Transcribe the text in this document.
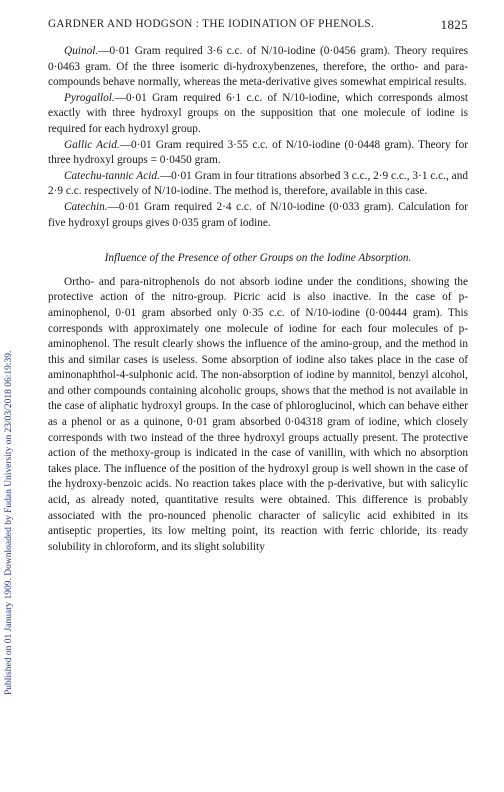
GARDNER AND HODGSON : THE IODINATION OF PHENOLS.	1825
Published on 01 January 1909. Downloaded by Fudan University on 23/03/2018 06:19:39.

Quinol.—0·01 Gram required 3·6 c.c. of N/10-iodine (0·0456 gram). Theory requires 0·0463 gram. Of the three isomeric di-hydroxybenzenes, therefore, the ortho- and para-compounds behave normally, whereas the meta-derivative gives somewhat empirical results.

Pyrogallol.—0·01 Gram required 6·1 c.c. of N/10-iodine, which corresponds almost exactly with three hydroxyl groups on the supposition that one molecule of iodine is required for each hydroxyl group.

Gallic Acid.—0·01 Gram required 3·55 c.c. of N/10-iodine (0·0448 gram). Theory for three hydroxyl groups = 0·0450 gram.

Catechu-tannic Acid.—0·01 Gram in four titrations absorbed 3 c.c., 2·9 c.c., 3·1 c.c., and 2·9 c.c. respectively of N/10-iodine. The method is, therefore, available in this case.

Catechin.—0·01 Gram required 2·4 c.c. of N/10-iodine (0·033 gram). Calculation for five hydroxyl groups gives 0·035 gram of iodine.

Influence of the Presence of other Groups on the Iodine Absorption.

Ortho- and para-nitrophenols do not absorb iodine under the conditions, showing the protective action of the nitro-group. Picric acid is also inactive. In the case of p-aminophenol, 0·01 gram absorbed only 0·35 c.c. of N/10-iodine (0·00444 gram). This corresponds with approximately one molecule of iodine for each four molecules of p-aminophenol. The result clearly shows the influence of the amino-group, and the method in this and similar cases is useless. Some absorption of iodine also takes place in the case of aminonaphthol-4-sulphonic acid. The non-absorption of iodine by mannitol, benzyl alcohol, and other compounds containing alcoholic groups, shows that the method is not available in the case of aliphatic hydroxyl groups. In the case of phloroglucinol, which can behave either as a phenol or as a quinone, 0·01 gram absorbed 0·04318 gram of iodine, which closely corresponds with two instead of the three hydroxyl groups actually present. The protective action of the methoxy-group is indicated in the case of vanillin, with which no absorption takes place. The influence of the position of the hydroxyl group is well shown in the case of the hydroxy-benzoic acids. No reaction takes place with the p-derivative, but with salicylic acid, as already noted, quantitative results were obtained. This difference is probably associated with the pro-nounced phenolic character of salicylic acid exhibited in its antiseptic properties, its low melting point, its reaction with ferric chloride, its ready solubility in chloroform, and its slight solubility
